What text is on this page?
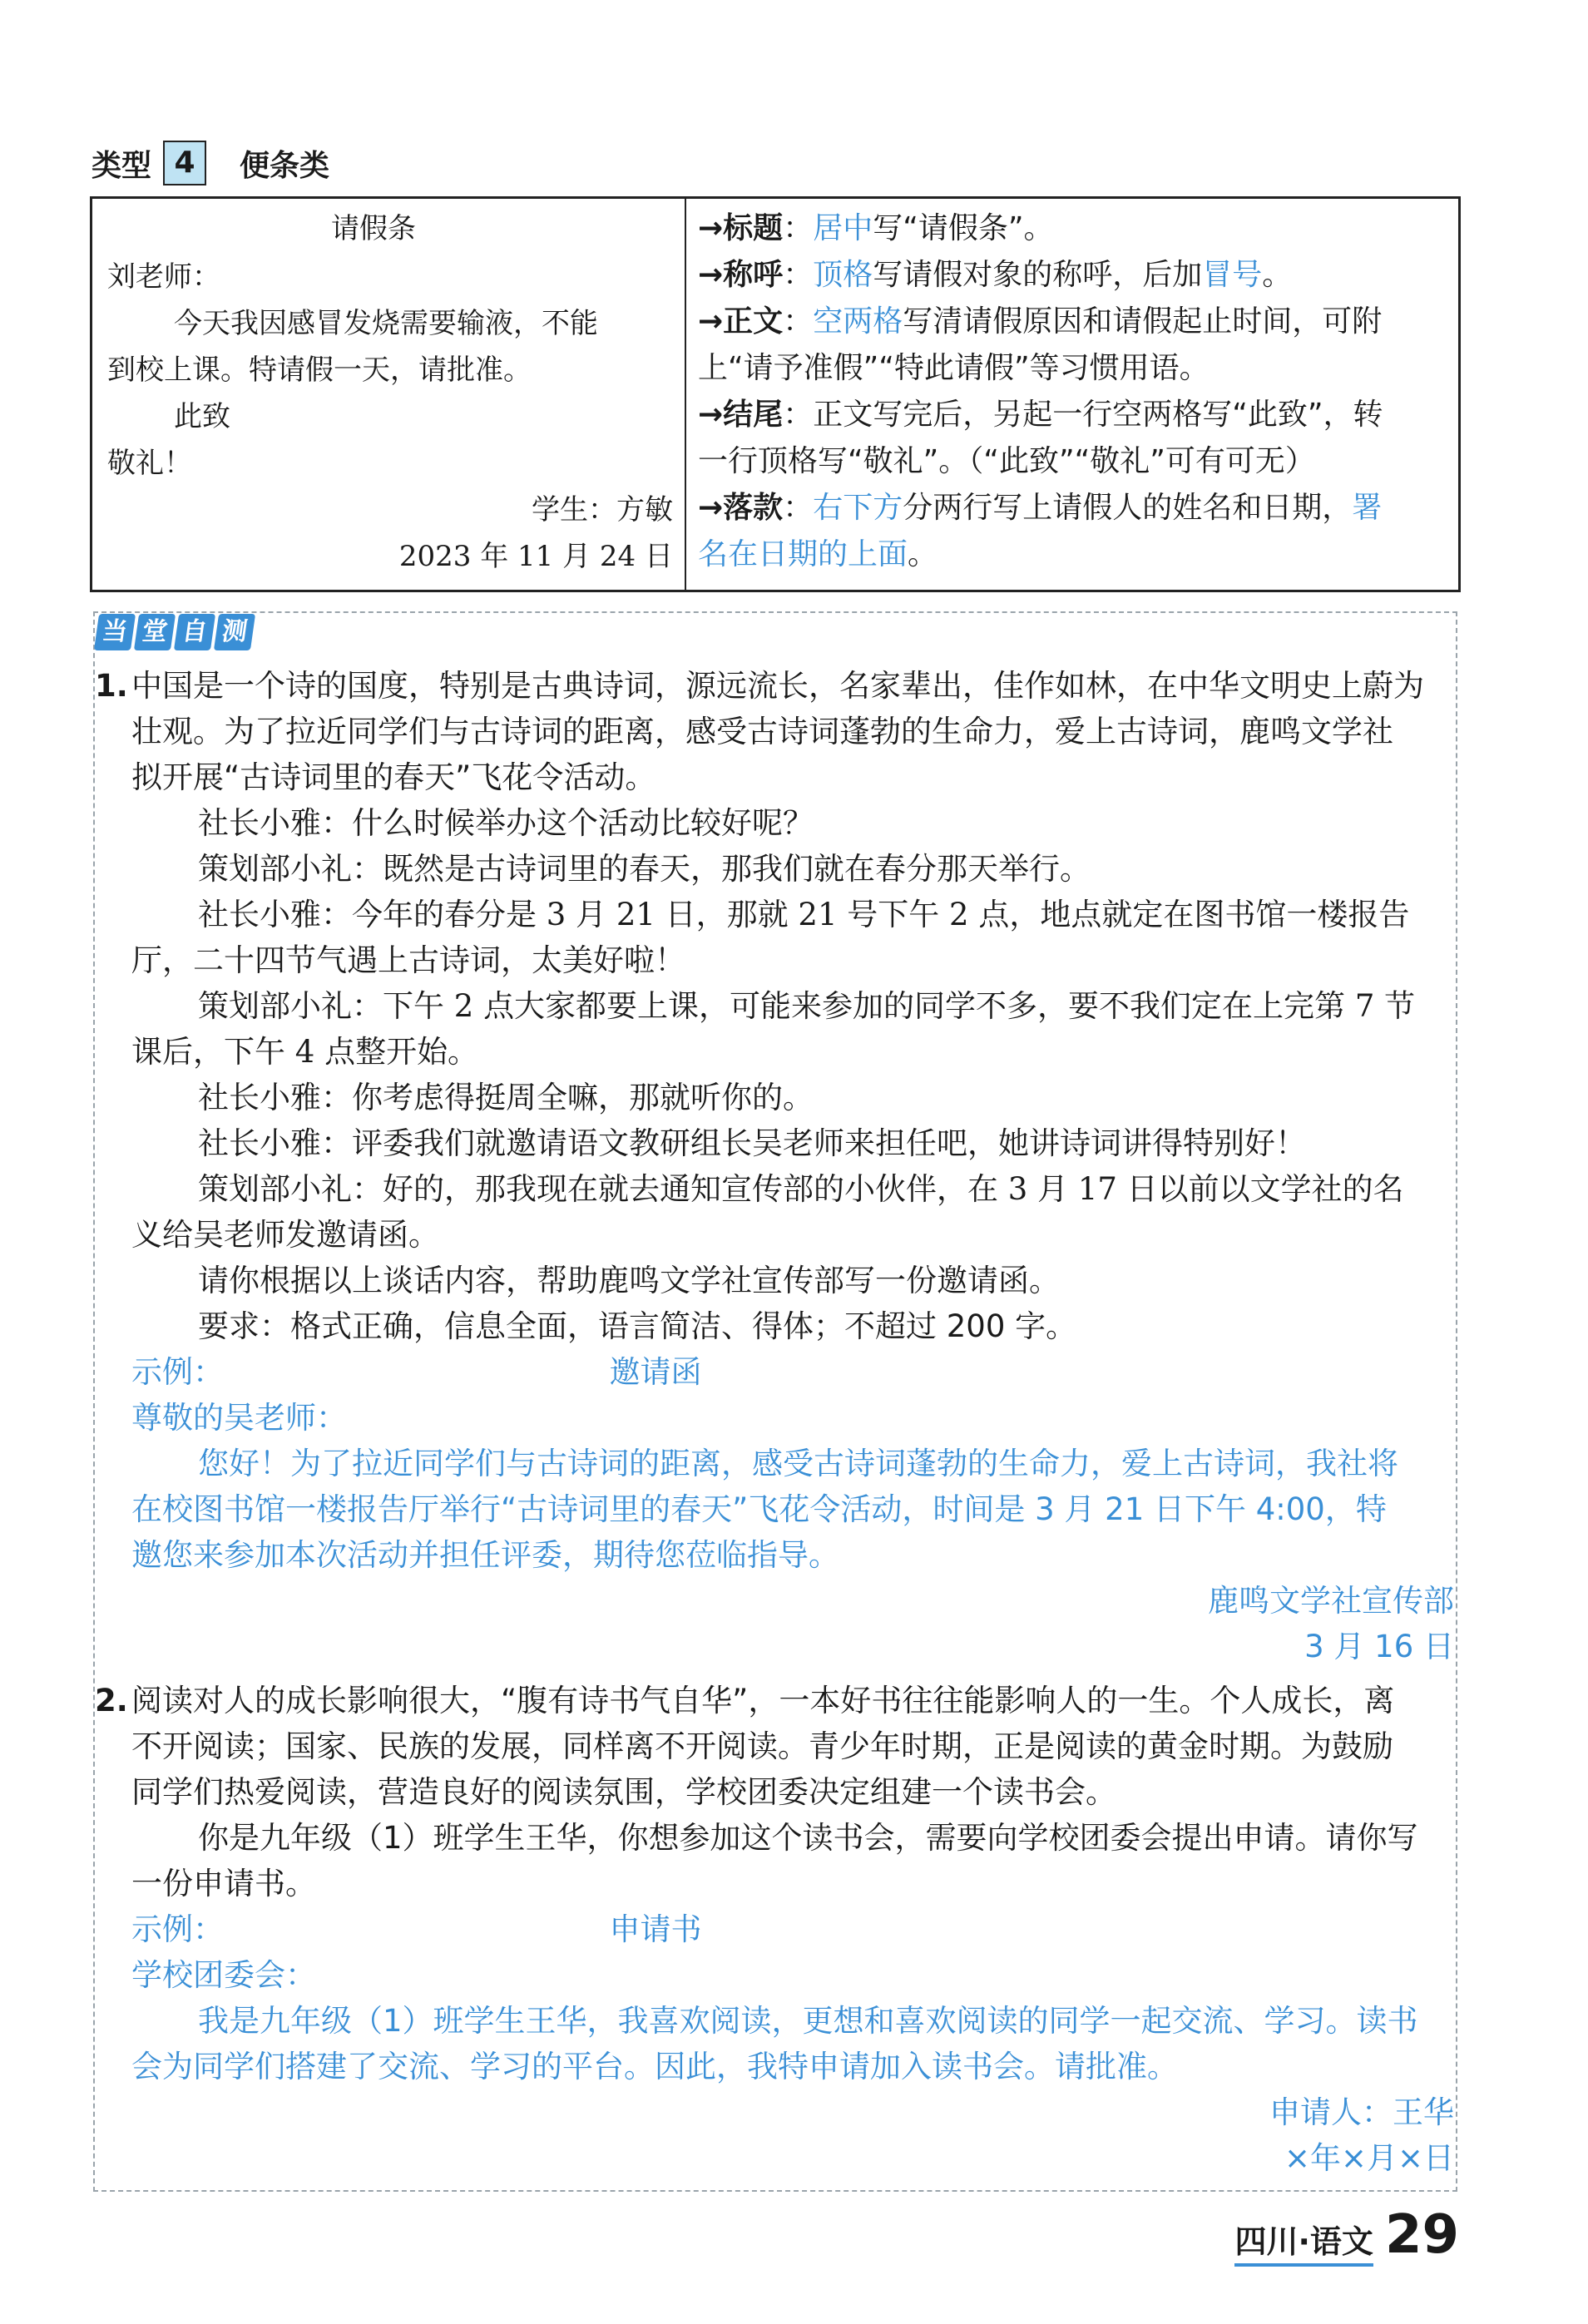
类型 4	便条类
请假条
刘老师：
今天我因感冒发烧需要输液，不能
到校上课。特请假一天，请批准。
此致
敬礼！
学生：方敏
2023 年 11 月 24 日
→标题：居中写“请假条”。
→称呼：顶格写请假对象的称呼，后加冒号。
→正文：空两格写清请假原因和请假起止时间，可附
上“请予准假”“特此请假”等习惯用语。
→结尾：正文写完后，另起一行空两格写“此致”，转
一行顶格写“敬礼”。（“此致”“敬礼”可有可无）
→落款：右下方分两行写上请假人的姓名和日期，署
名在日期的上面。
当 堂 自 测
1. 中国是一个诗的国度，特别是古典诗词，源远流长，名家辈出，佳作如林，在中华文明史上蔚为
壮观。为了拉近同学们与古诗词的距离，感受古诗词蓬勃的生命力，爱上古诗词，鹿鸣文学社
拟开展“古诗词里的春天”飞花令活动。
社长小雅：什么时候举办这个活动比较好呢？
策划部小礼：既然是古诗词里的春天，那我们就在春分那天举行。
社长小雅：今年的春分是 3 月 21 日，那就 21 号下午 2 点，地点就定在图书馆一楼报告
厅，二十四节气遇上古诗词，太美好啦！
策划部小礼：下午 2 点大家都要上课，可能来参加的同学不多，要不我们定在上完第 7 节
课后，下午 4 点整开始。
社长小雅：你考虑得挺周全嘛，那就听你的。
社长小雅：评委我们就邀请语文教研组长吴老师来担任吧，她讲诗词讲得特别好！
策划部小礼：好的，那我现在就去通知宣传部的小伙伴，在 3 月 17 日以前以文学社的名
义给吴老师发邀请函。
请你根据以上谈话内容，帮助鹿鸣文学社宣传部写一份邀请函。
要求：格式正确，信息全面，语言简洁、得体；不超过 200 字。
示例：	邀请函
尊敬的吴老师：
您好！为了拉近同学们与古诗词的距离，感受古诗词蓬勃的生命力，爱上古诗词，我社将
在校图书馆一楼报告厅举行“古诗词里的春天”飞花令活动，时间是 3 月 21 日下午 4:00，特
邀您来参加本次活动并担任评委，期待您莅临指导。
鹿鸣文学社宣传部
3 月 16 日
2. 阅读对人的成长影响很大，“腹有诗书气自华”，一本好书往往能影响人的一生。个人成长，离
不开阅读；国家、民族的发展，同样离不开阅读。青少年时期，正是阅读的黄金时期。为鼓励
同学们热爱阅读，营造良好的阅读氛围，学校团委决定组建一个读书会。
你是九年级（1）班学生王华，你想参加这个读书会，需要向学校团委会提出申请。请你写
一份申请书。
示例：	申请书
学校团委会：
我是九年级（1）班学生王华，我喜欢阅读，更想和喜欢阅读的同学一起交流、学习。读书
会为同学们搭建了交流、学习的平台。因此，我特申请加入读书会。请批准。
申请人：王华
×年×月×日
四川·语文 29
